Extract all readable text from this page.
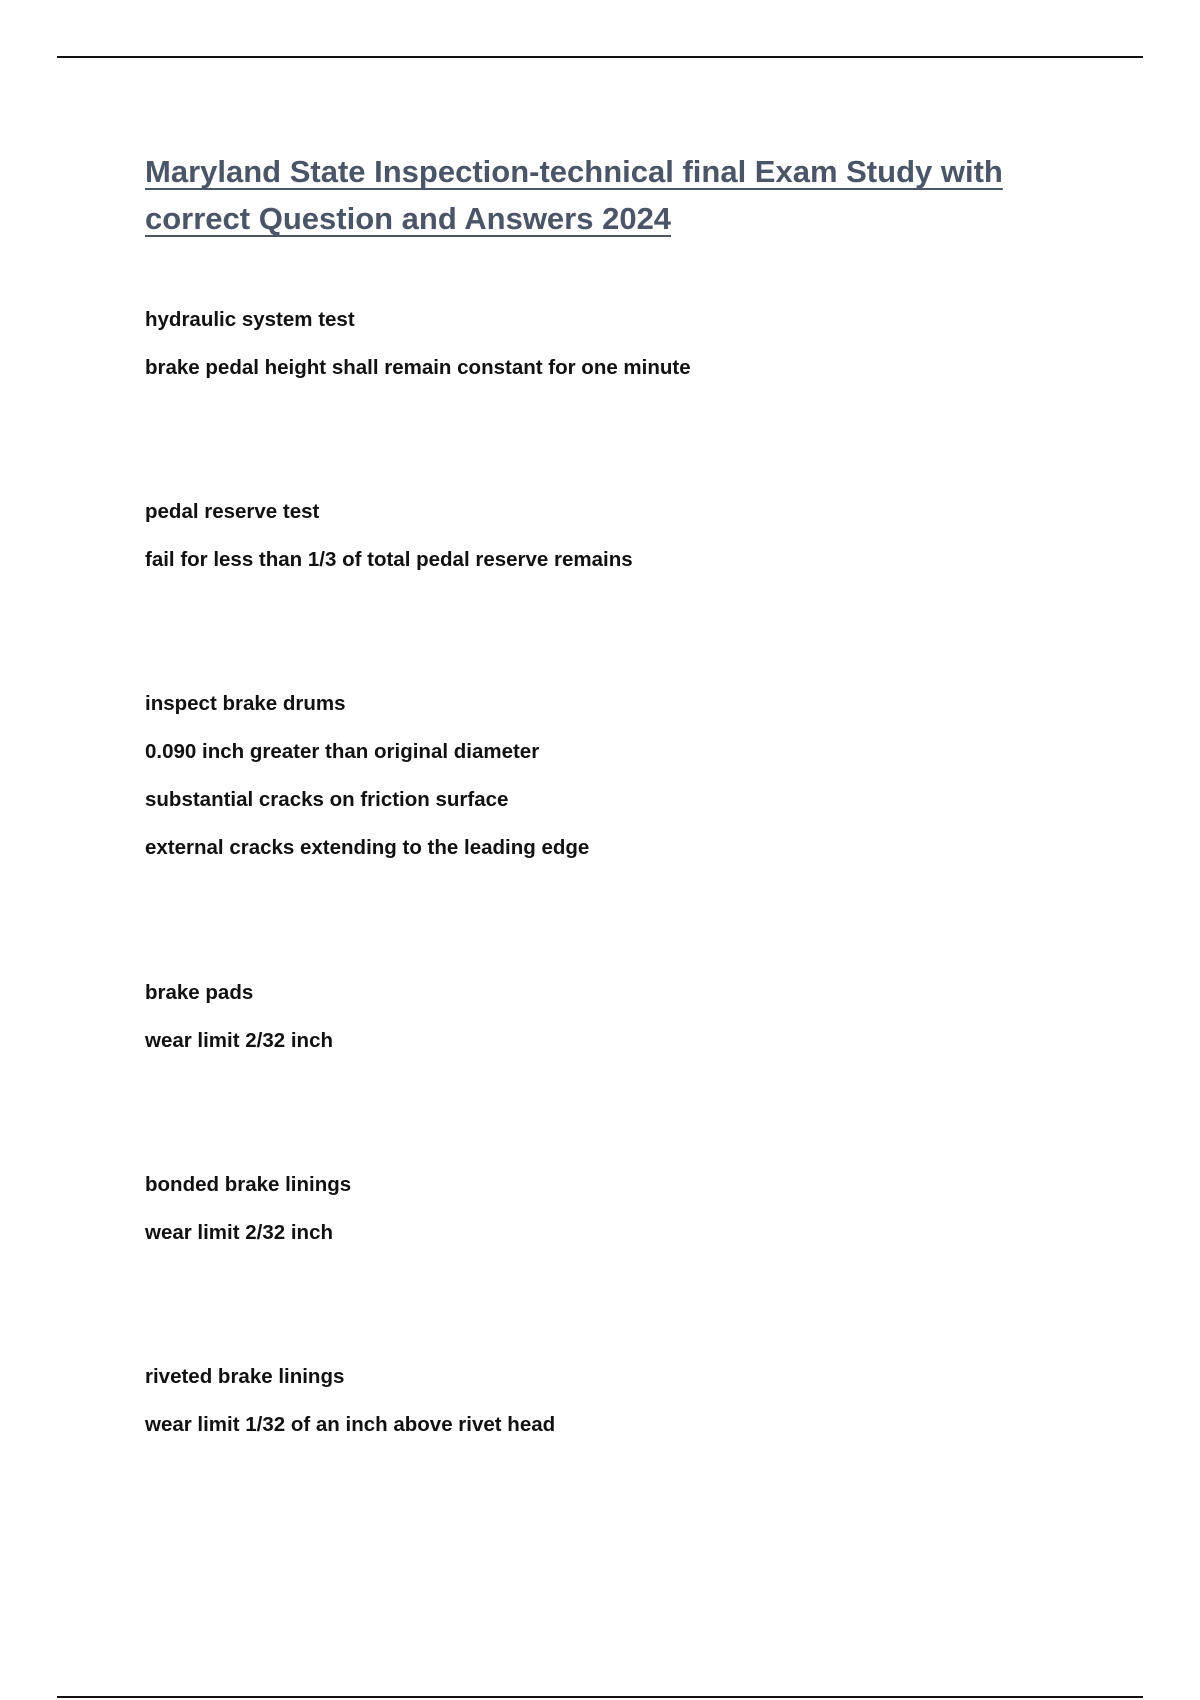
Maryland State Inspection-technical final Exam Study with
correct Question and Answers 2024

hydraulic system test

brake pedal height shall remain constant for one minute

pedal reserve test

fail for less than 1/3 of total pedal reserve remains

inspect brake drums

0.090 inch greater than original diameter

substantial cracks on friction surface

external cracks extending to the leading edge

brake pads

wear limit 2/32 inch

bonded brake linings

wear limit 2/32 inch

riveted brake linings

wear limit 1/32 of an inch above rivet head
